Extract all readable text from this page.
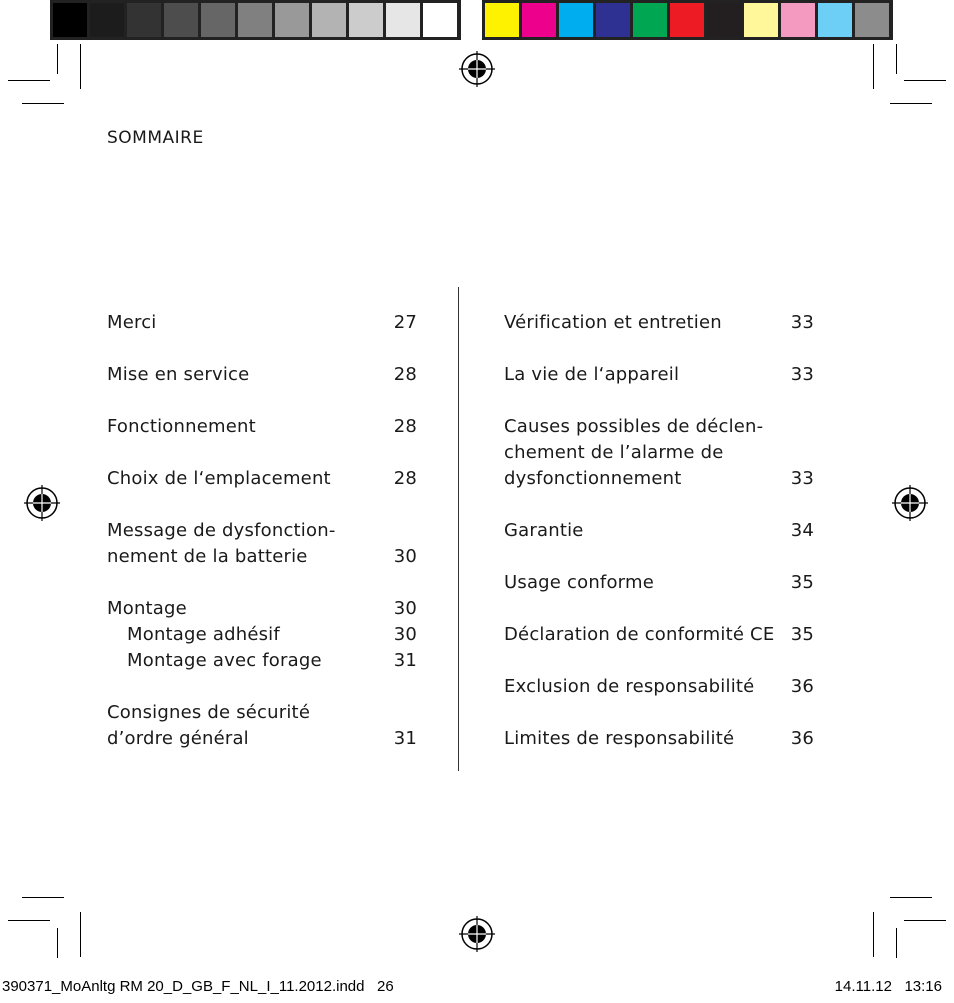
SOMMAIRE
Merci	27
Mise en service	28
Fonctionnement	28
Choix de l‘emplacement	28
Message de dysfonction-
nement de la batterie	30
Montage	30
Montage adhésif	30
Montage avec forage	31
Consignes de sécurité
d’ordre général	31
Vérification et entretien	33
La vie de l‘appareil	33
Causes possibles de déclen-
chement de l’alarme de
dysfonctionnement	33
Garantie	34
Usage conforme	35
Déclaration de conformité CE 35
Exclusion de responsabilité 36
Limites de responsabilité	36
390371_MoAnltg RM 20_D_GB_F_NL_I_11.2012.indd 26	14.11.12 13:16
